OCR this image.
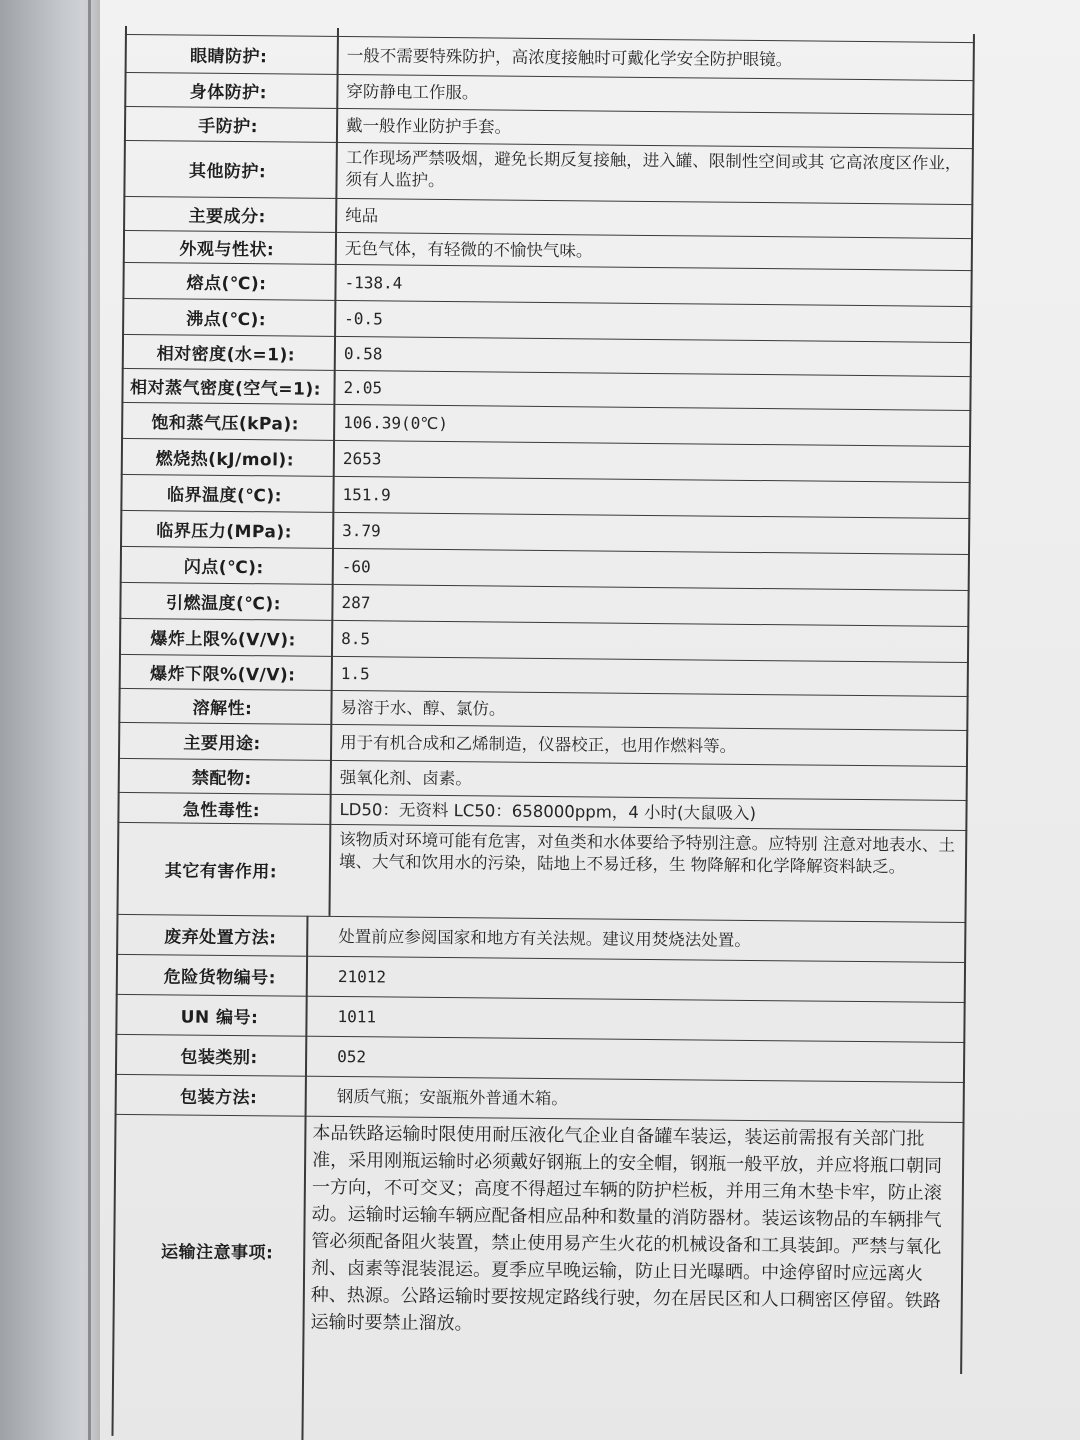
眼睛防护:	一般不需要特殊防护，高浓度接触时可戴化学安全防护眼镜。
身体防护:	穿防静电工作服。
手防护:	戴一般作业防护手套。
其他防护:	工作现场严禁吸烟，避免长期反复接触，进入罐、限制性空间或其 它高浓度区作业，须有人监护。
主要成分:	纯品
外观与性状:	无色气体，有轻微的不愉快气味。
熔点(℃):	-138.4
沸点(℃):	-0.5
相对密度(水=1):	0.58
相对蒸气密度(空气=1):	2.05
饱和蒸气压(kPa):	106.39(0℃)
燃烧热(kJ/mol):	2653
临界温度(℃):	151.9
临界压力(MPa):	3.79
闪点(℃):	-60
引燃温度(℃):	287
爆炸上限%(V/V):	8.5
爆炸下限%(V/V):	1.5
溶解性:	易溶于水、醇、氯仿。
主要用途:	用于有机合成和乙烯制造，仪器校正，也用作燃料等。
禁配物:	强氧化剂、卤素。
急性毒性:	LD50：无资料 LC50：658000ppm，4 小时(大鼠吸入)
其它有害作用:
该物质对环境可能有危害，对鱼类和水体要给予特别注意。应特别 注意对地表水、土壤、大气和饮用水的污染，陆地上不易迁移，生 物降解和化学降解资料缺乏。
废弃处置方法:	处置前应参阅国家和地方有关法规。建议用焚烧法处置。
危险货物编号:	21012
UN 编号:	1011
包装类别:	052
包装方法:	钢质气瓶；安瓿瓶外普通木箱。
运输注意事项:
本品铁路运输时限使用耐压液化气企业自备罐车装运，装运前需报有关部门批准，采用刚瓶运输时必须戴好钢瓶上的安全帽，钢瓶一般平放，并应将瓶口朝同一方向，不可交叉；高度不得超过车辆的防护栏板，并用三角木垫卡牢，防止滚动。运输时运输车辆应配备相应品种和数量的消防器材。装运该物品的车辆排气管必须配备阻火装置，禁止使用易产生火花的机械设备和工具装卸。严禁与氧化剂、卤素等混装混运。夏季应早晚运输，防止日光曝晒。中途停留时应远离火种、热源。公路运输时要按规定路线行驶，勿在居民区和人口稠密区停留。铁路运输时要禁止溜放。
